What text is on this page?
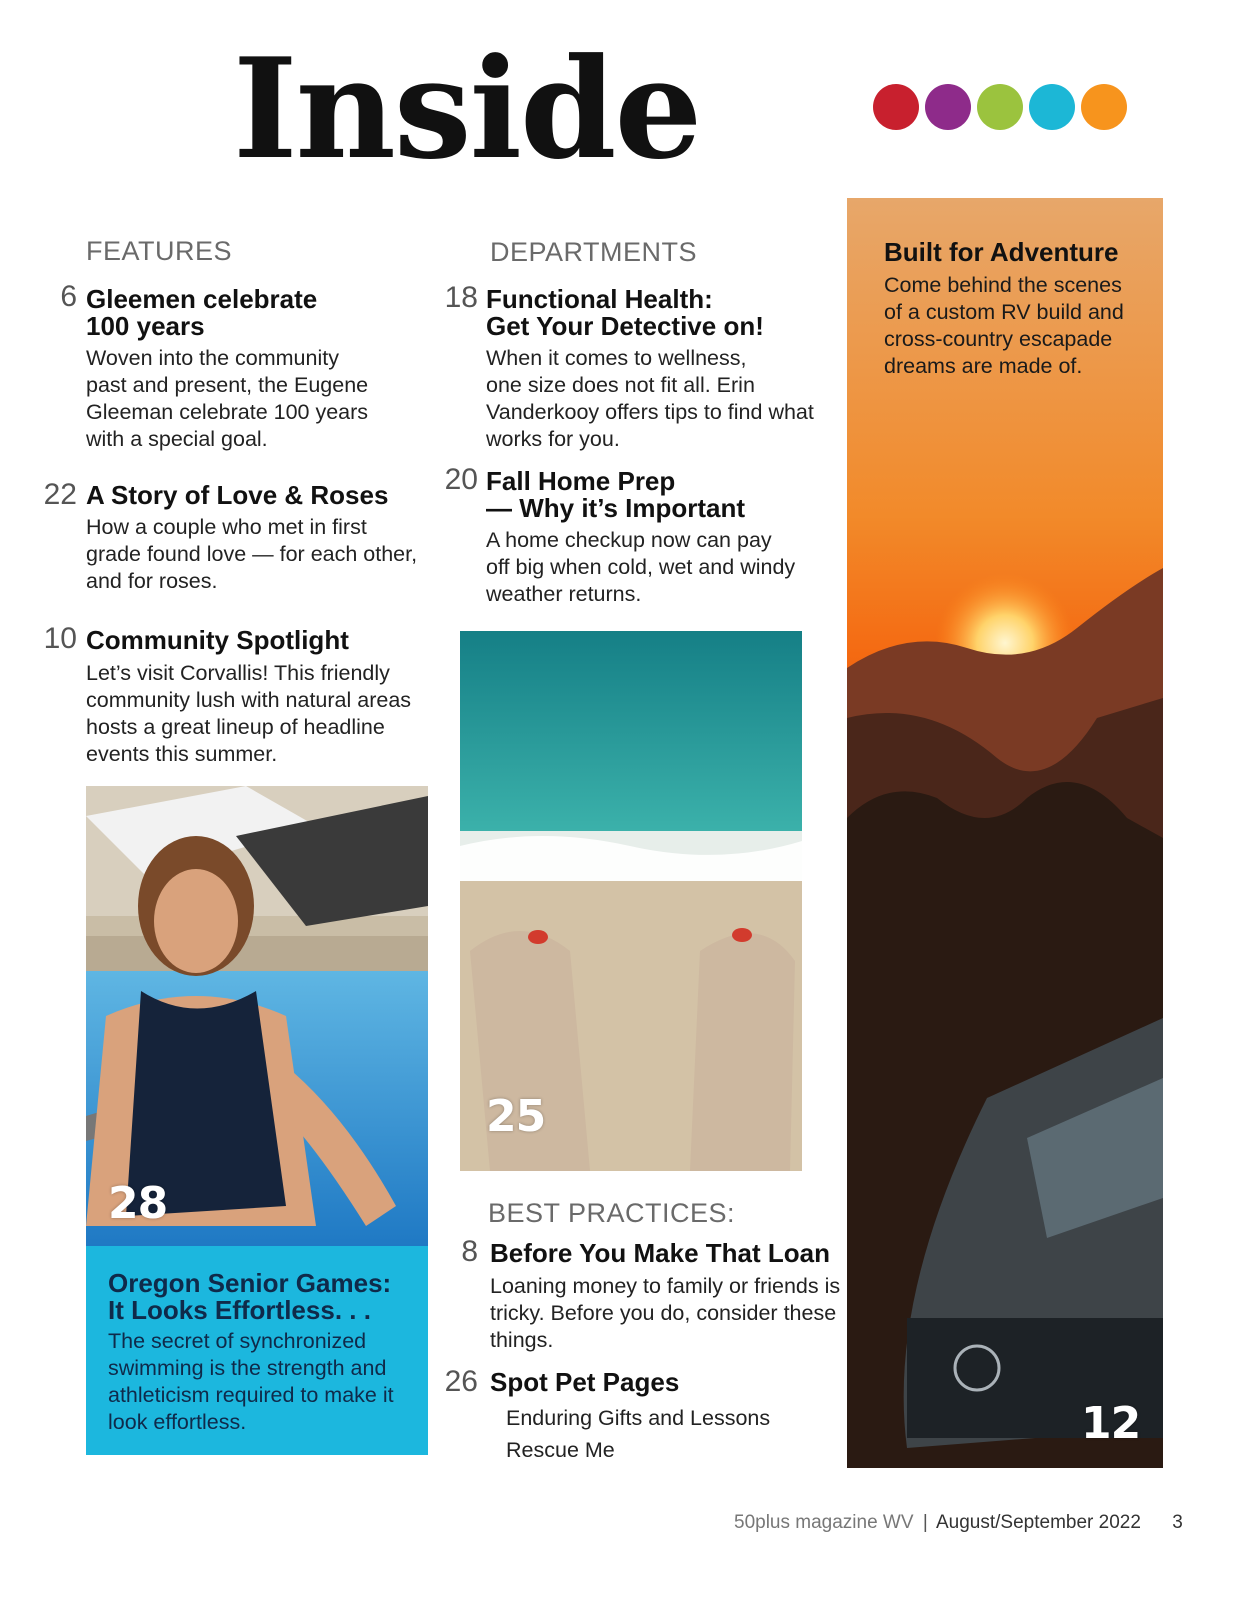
Inside
FEATURES
6 Gleemen celebrate
100 years
Woven into the community
past and present, the Eugene
Gleeman celebrate 100 years
with a special goal.
22 A Story of Love & Roses
How a couple who met in first
grade found love — for each other,
and for roses.
10 Community Spotlight
Let’s visit Corvallis! This friendly
community lush with natural areas
hosts a great lineup of headline
events this summer.
28
Oregon Senior Games:
It Looks Effortless. . .
The secret of synchronized
swimming is the strength and
athleticism required to make it
look effortless.
DEPARTMENTS
18 Functional Health:
Get Your Detective on!
When it comes to wellness,
one size does not fit all. Erin
Vanderkooy offers tips to find what
works for you.
20 Fall Home Prep
— Why it’s Important
A home checkup now can pay
off big when cold, wet and windy
weather returns.
25
BEST PRACTICES:
8 Before You Make That Loan
Loaning money to family or friends is
tricky. Before you do, consider these
things.
26 Spot Pet Pages
Enduring Gifts and Lessons
Rescue Me
Built for Adventure
Come behind the scenes
of a custom RV build and
cross-country escapade
dreams are made of.
12
50plus magazine WV | August/September 2022 3
